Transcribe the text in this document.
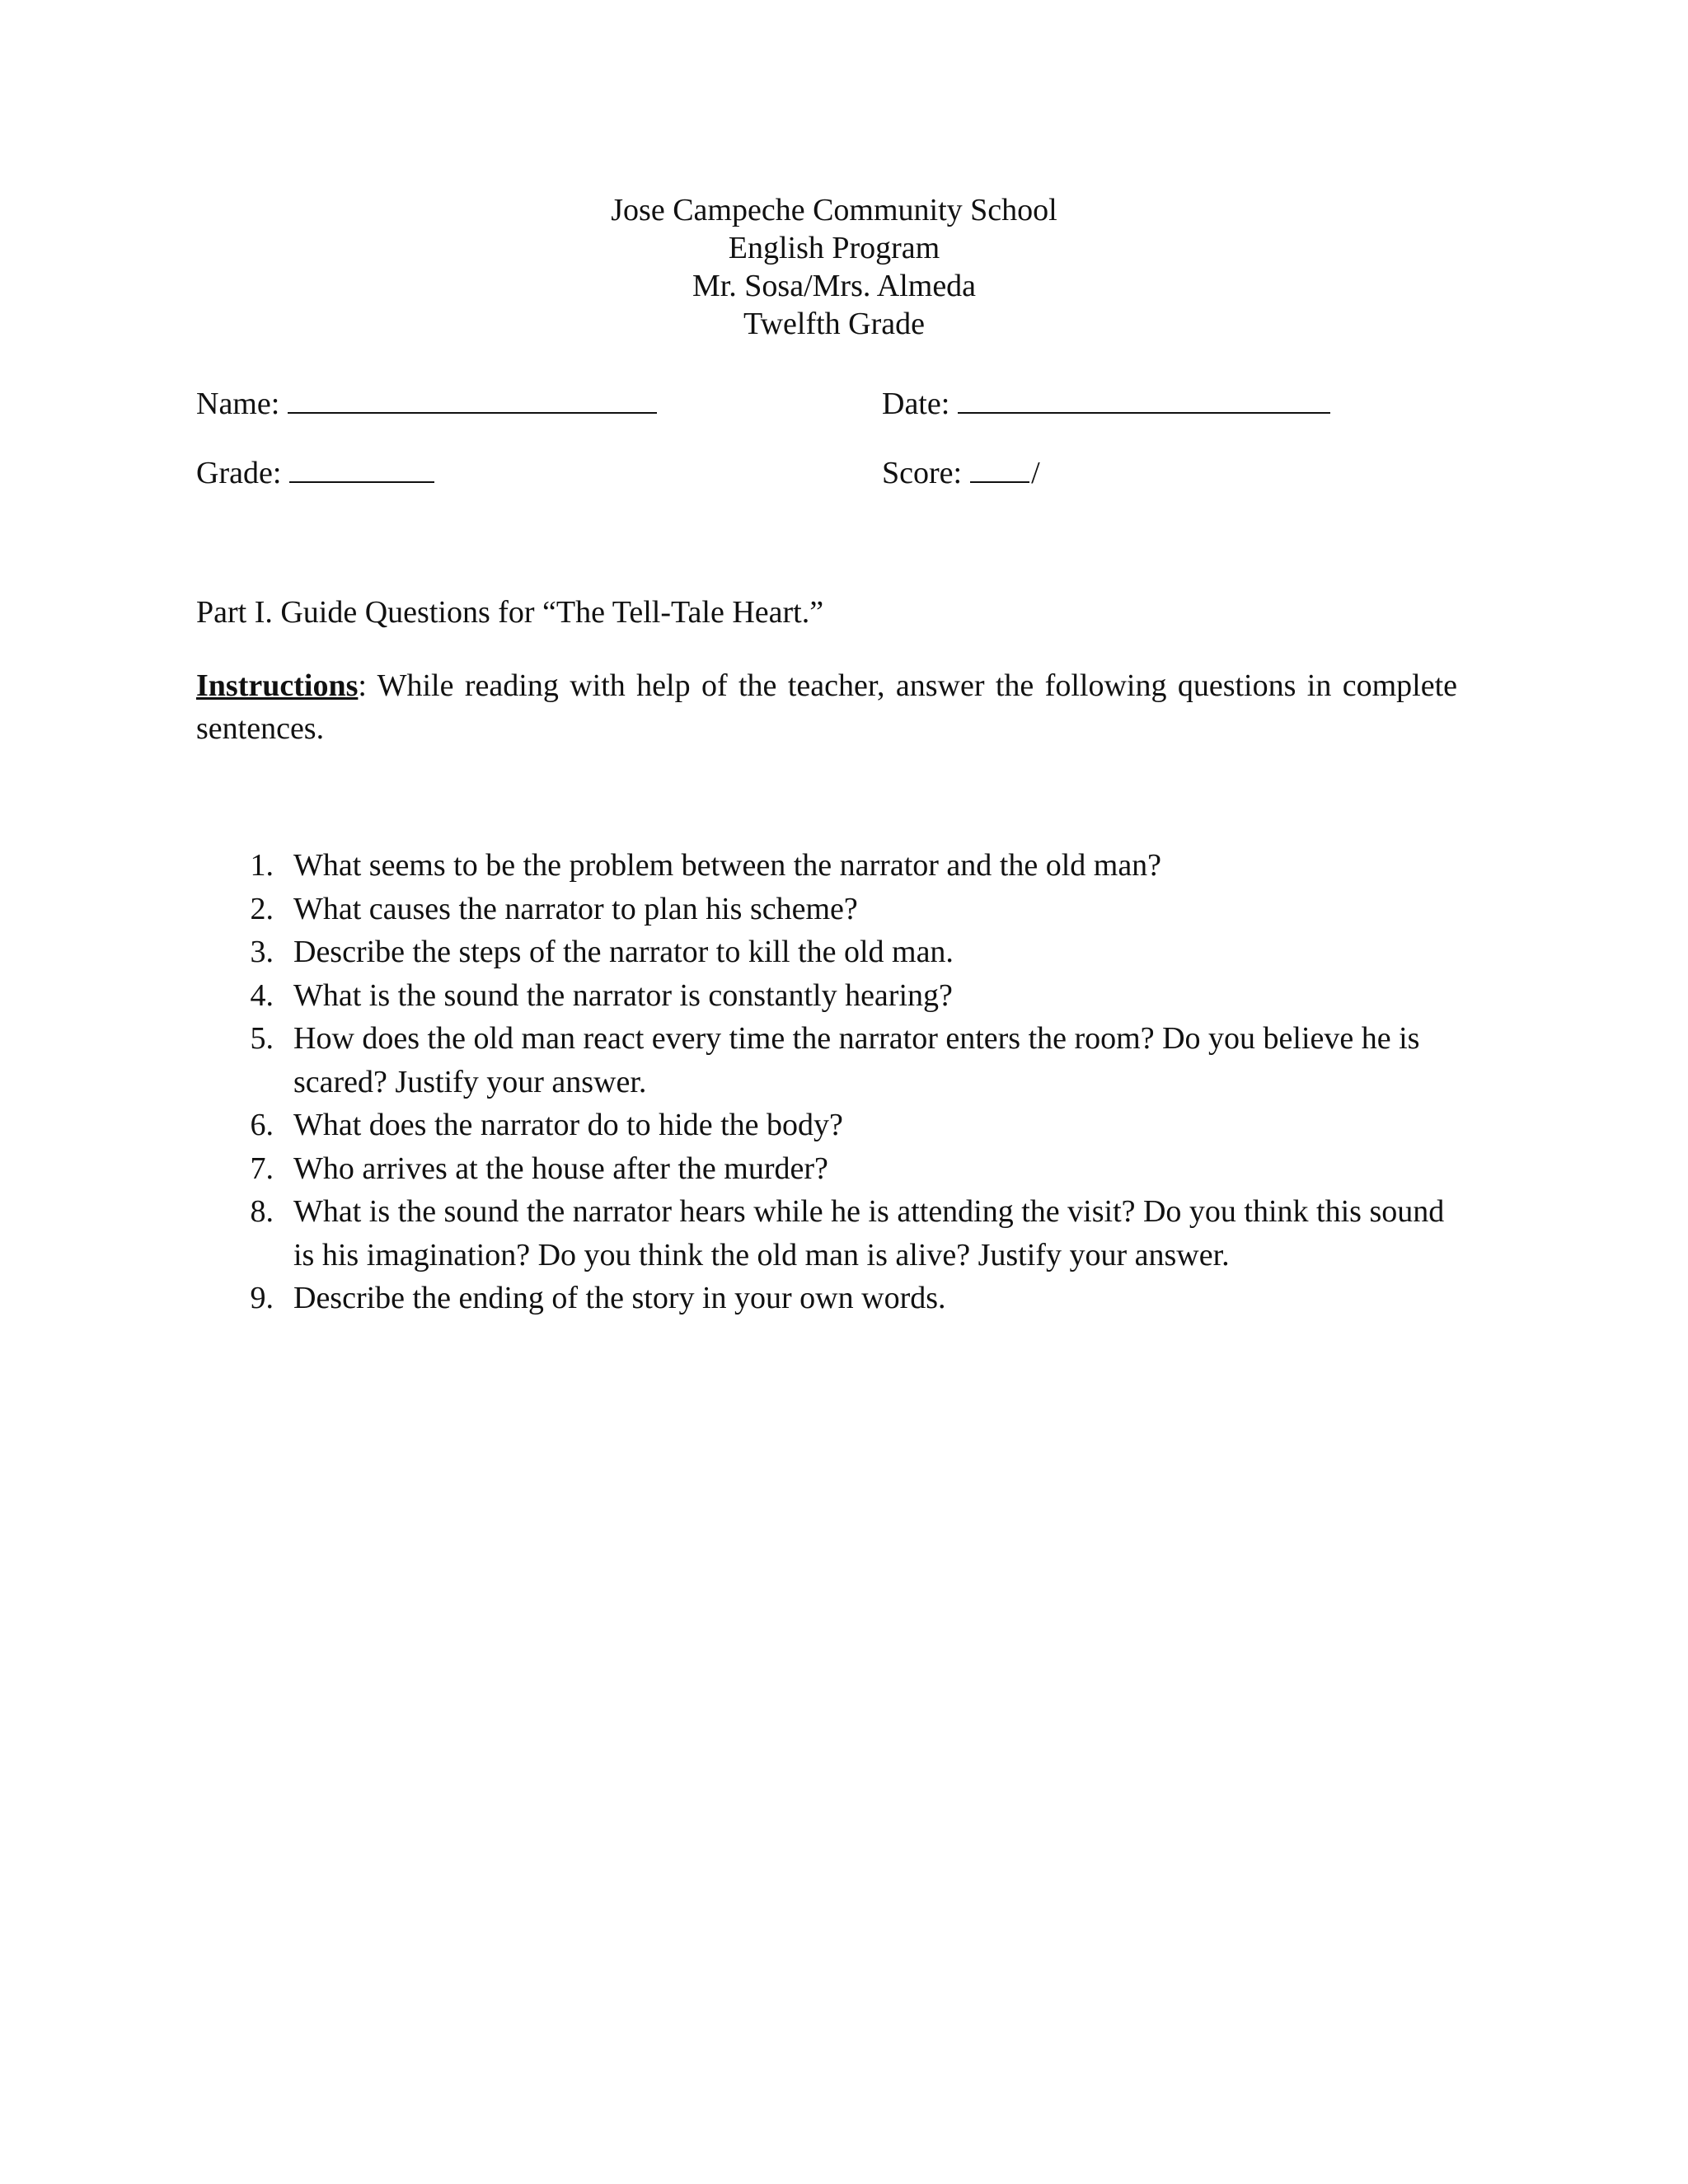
Jose Campeche Community School
English Program
Mr. Sosa/Mrs. Almeda
Twelfth Grade
Name:	Date:
Grade:	Score: /
Part I. Guide Questions for “The Tell-Tale Heart.”
Instructions: While reading with help of the teacher, answer the following questions in complete sentences.
1. What seems to be the problem between the narrator and the old man?
2. What causes the narrator to plan his scheme?
3. Describe the steps of the narrator to kill the old man.
4. What is the sound the narrator is constantly hearing?
5. How does the old man react every time the narrator enters the room? Do you believe he is scared? Justify your answer.
6. What does the narrator do to hide the body?
7. Who arrives at the house after the murder?
8. What is the sound the narrator hears while he is attending the visit? Do you think this sound is his imagination? Do you think the old man is alive? Justify your answer.
9. Describe the ending of the story in your own words.
